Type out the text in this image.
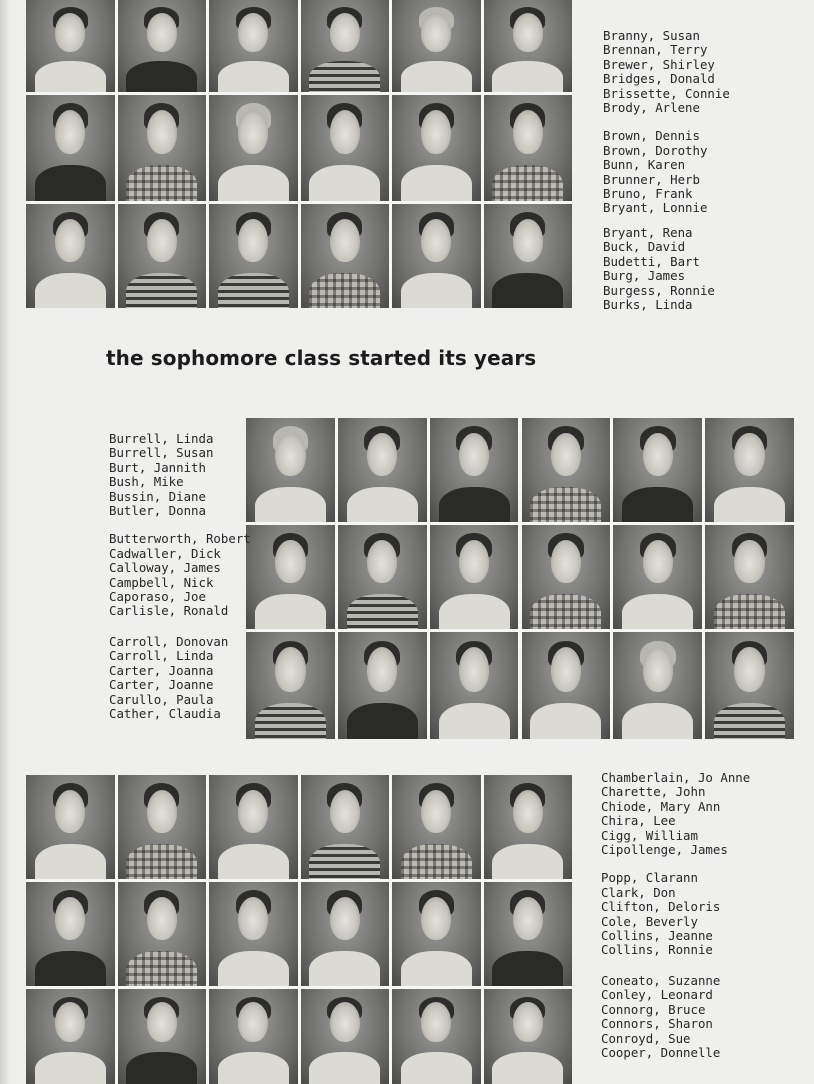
Branny, Susan
Brennan, Terry
Brewer, Shirley
Bridges, Donald
Brissette, Connie
Brody, Arlene
Brown, Dennis
Brown, Dorothy
Bunn, Karen
Brunner, Herb
Bruno, Frank
Bryant, Lonnie
Bryant, Rena
Buck, David
Budetti, Bart
Burg, James
Burgess, Ronnie
Burks, Linda
the sophomore class started its years
Burrell, Linda
Burrell, Susan
Burt, Jannith
Bush, Mike
Bussin, Diane
Butler, Donna
Butterworth, Robert
Cadwaller, Dick
Calloway, James
Campbell, Nick
Caporaso, Joe
Carlisle, Ronald
Carroll, Donovan
Carroll, Linda
Carter, Joanna
Carter, Joanne
Carullo, Paula
Cather, Claudia
Chamberlain, Jo Anne
Charette, John
Chiode, Mary Ann
Chira, Lee
Cigg, William
Cipollenge, James
Popp, Clarann
Clark, Don
Clifton, Deloris
Cole, Beverly
Collins, Jeanne
Collins, Ronnie
Coneato, Suzanne
Conley, Leonard
Connorg, Bruce
Connors, Sharon
Conroyd, Sue
Cooper, Donnelle
